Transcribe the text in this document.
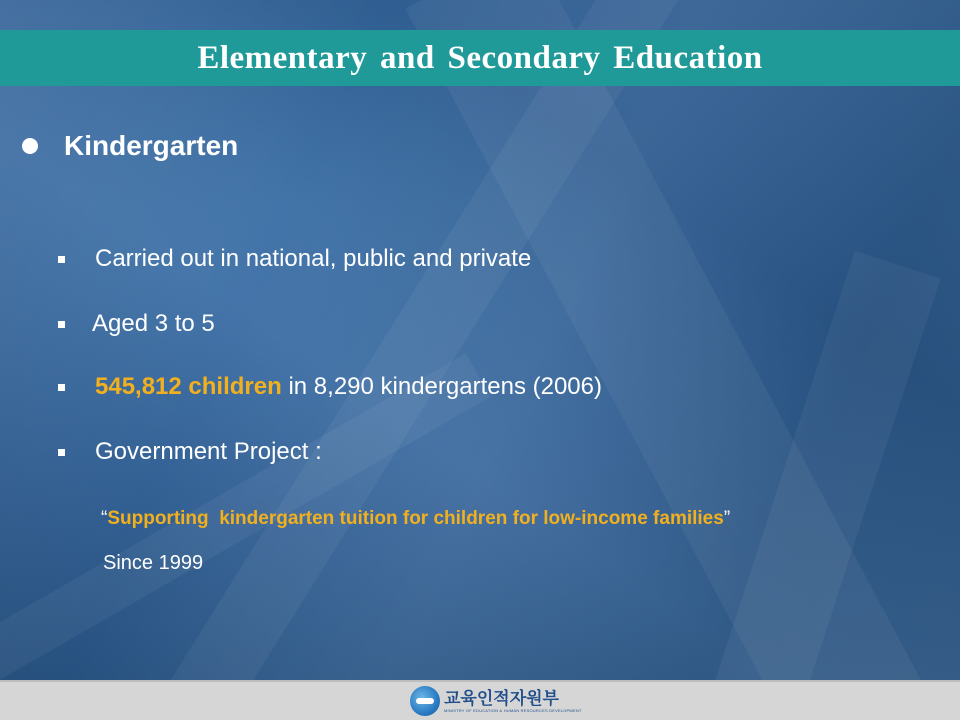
Elementary and Secondary Education
Kindergarten
Carried out in national, public and private
Aged 3 to 5
545,812 children in 8,290 kindergartens (2006)
Government Project :
“Supporting  kindergarten tuition for children for low-income families”
Since 1999
교육인적자원부
MINISTRY OF EDUCATION & HUMAN RESOURCES DEVELOPMENT
